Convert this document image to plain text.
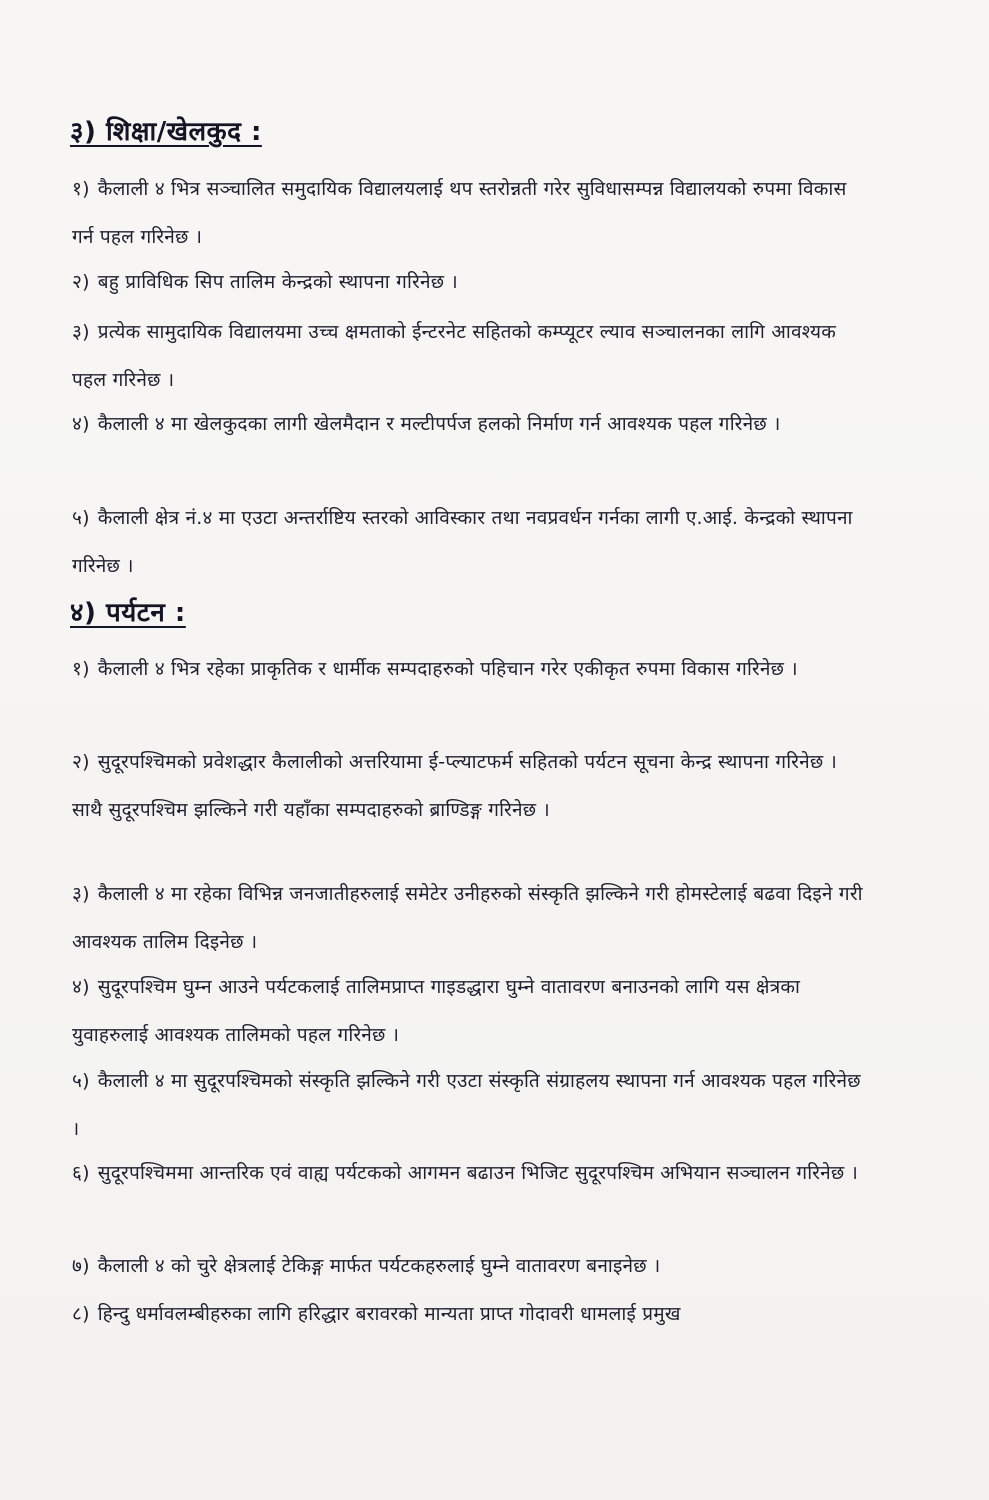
३) शिक्षा/खेलकुद :
१) कैलाली ४ भित्र सञ्चालित समुदायिक विद्यालयलाई थप स्तरोन्नती गरेर सुविधासम्पन्न विद्यालयको रुपमा विकास गर्न पहल गरिनेछ ।
२) बहु प्राविधिक सिप तालिम केन्द्रको स्थापना गरिनेछ ।
३) प्रत्येक सामुदायिक विद्यालयमा उच्च क्षमताको ईन्टरनेट सहितको कम्प्यूटर ल्याव सञ्चालनका लागि आवश्यक पहल गरिनेछ ।
४) कैलाली ४ मा खेलकुदका लागी खेलमैदान र मल्टीपर्पज हलको निर्माण गर्न आवश्यक पहल गरिनेछ ।
५) कैलाली क्षेत्र नं.४ मा एउटा अन्तर्राष्टिय स्तरको आविस्कार तथा नवप्रवर्धन गर्नका लागी ए.आई. केन्द्रको स्थापना गरिनेछ ।
४) पर्यटन :
१) कैलाली ४ भित्र रहेका प्राकृतिक र धार्मीक सम्पदाहरुको पहिचान गरेर एकीकृत रुपमा विकास गरिनेछ ।
२) सुदूरपश्चिमको प्रवेशद्धार कैलालीको अत्तरियामा ई-प्ल्याटफर्म सहितको पर्यटन सूचना केन्द्र स्थापना गरिनेछ । साथै सुदूरपश्चिम झल्किने गरी यहाँका सम्पदाहरुको ब्राण्डिङ्ग गरिनेछ ।
३) कैलाली ४ मा रहेका विभिन्न जनजातीहरुलाई समेटेर उनीहरुको संस्कृति झल्किने गरी होमस्टेलाई बढवा दिइने गरी आवश्यक तालिम दिइनेछ ।
४) सुदूरपश्चिम घुम्न आउने पर्यटकलाई तालिमप्राप्त गाइडद्धारा घुम्ने वातावरण बनाउनको लागि यस क्षेत्रका युवाहरुलाई आवश्यक तालिमको पहल गरिनेछ ।
५) कैलाली ४ मा सुदूरपश्चिमको संस्कृति झल्किने गरी एउटा संस्कृति संग्राहलय स्थापना गर्न आवश्यक पहल गरिनेछ ।
६) सुदूरपश्चिममा आन्तरिक एवं वाह्य पर्यटकको आगमन बढाउन भिजिट सुदूरपश्चिम अभियान सञ्चालन गरिनेछ ।
७) कैलाली ४ को चुरे क्षेत्रलाई टेकिङ्ग मार्फत पर्यटकहरुलाई घुम्ने वातावरण बनाइनेछ ।
८) हिन्दु धर्मावलम्बीहरुका लागि हरिद्धार बरावरको मान्यता प्राप्त गोदावरी धामलाई प्रमुख
